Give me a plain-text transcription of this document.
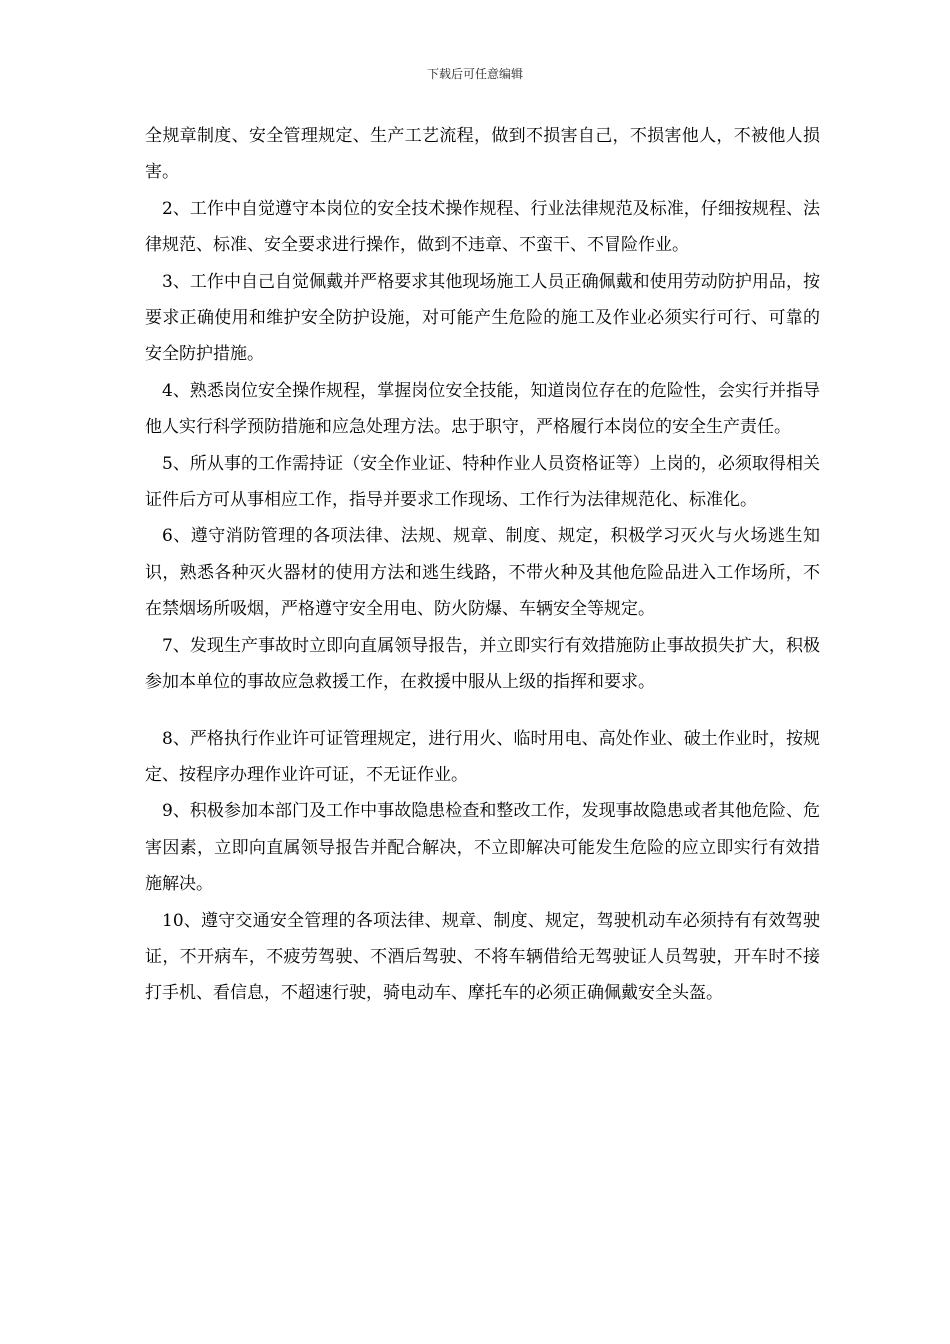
下载后可任意编辑

全规章制度、安全管理规定、生产工艺流程，做到不损害自己，不损害他人，不被他人损害。

2、工作中自觉遵守本岗位的安全技术操作规程、行业法律规范及标准，仔细按规程、法律规范、标准、安全要求进行操作，做到不违章、不蛮干、不冒险作业。

3、工作中自己自觉佩戴并严格要求其他现场施工人员正确佩戴和使用劳动防护用品，按要求正确使用和维护安全防护设施，对可能产生危险的施工及作业必须实行可行、可靠的安全防护措施。

4、熟悉岗位安全操作规程，掌握岗位安全技能，知道岗位存在的危险性，会实行并指导他人实行科学预防措施和应急处理方法。忠于职守，严格履行本岗位的安全生产责任。

5、所从事的工作需持证（安全作业证、特种作业人员资格证等）上岗的，必须取得相关证件后方可从事相应工作，指导并要求工作现场、工作行为法律规范化、标准化。

6、遵守消防管理的各项法律、法规、规章、制度、规定，积极学习灭火与火场逃生知识，熟悉各种灭火器材的使用方法和逃生线路，不带火种及其他危险品进入工作场所，不在禁烟场所吸烟，严格遵守安全用电、防火防爆、车辆安全等规定。

7、发现生产事故时立即向直属领导报告，并立即实行有效措施防止事故损失扩大，积极参加本单位的事故应急救援工作，在救援中服从上级的指挥和要求。

8、严格执行作业许可证管理规定，进行用火、临时用电、高处作业、破土作业时，按规定、按程序办理作业许可证，不无证作业。

9、积极参加本部门及工作中事故隐患检查和整改工作，发现事故隐患或者其他危险、危害因素，立即向直属领导报告并配合解决，不立即解决可能发生危险的应立即实行有效措施解决。

10、遵守交通安全管理的各项法律、规章、制度、规定，驾驶机动车必须持有有效驾驶证，不开病车，不疲劳驾驶、不酒后驾驶、不将车辆借给无驾驶证人员驾驶，开车时不接打手机、看信息，不超速行驶，骑电动车、摩托车的必须正确佩戴安全头盔。
